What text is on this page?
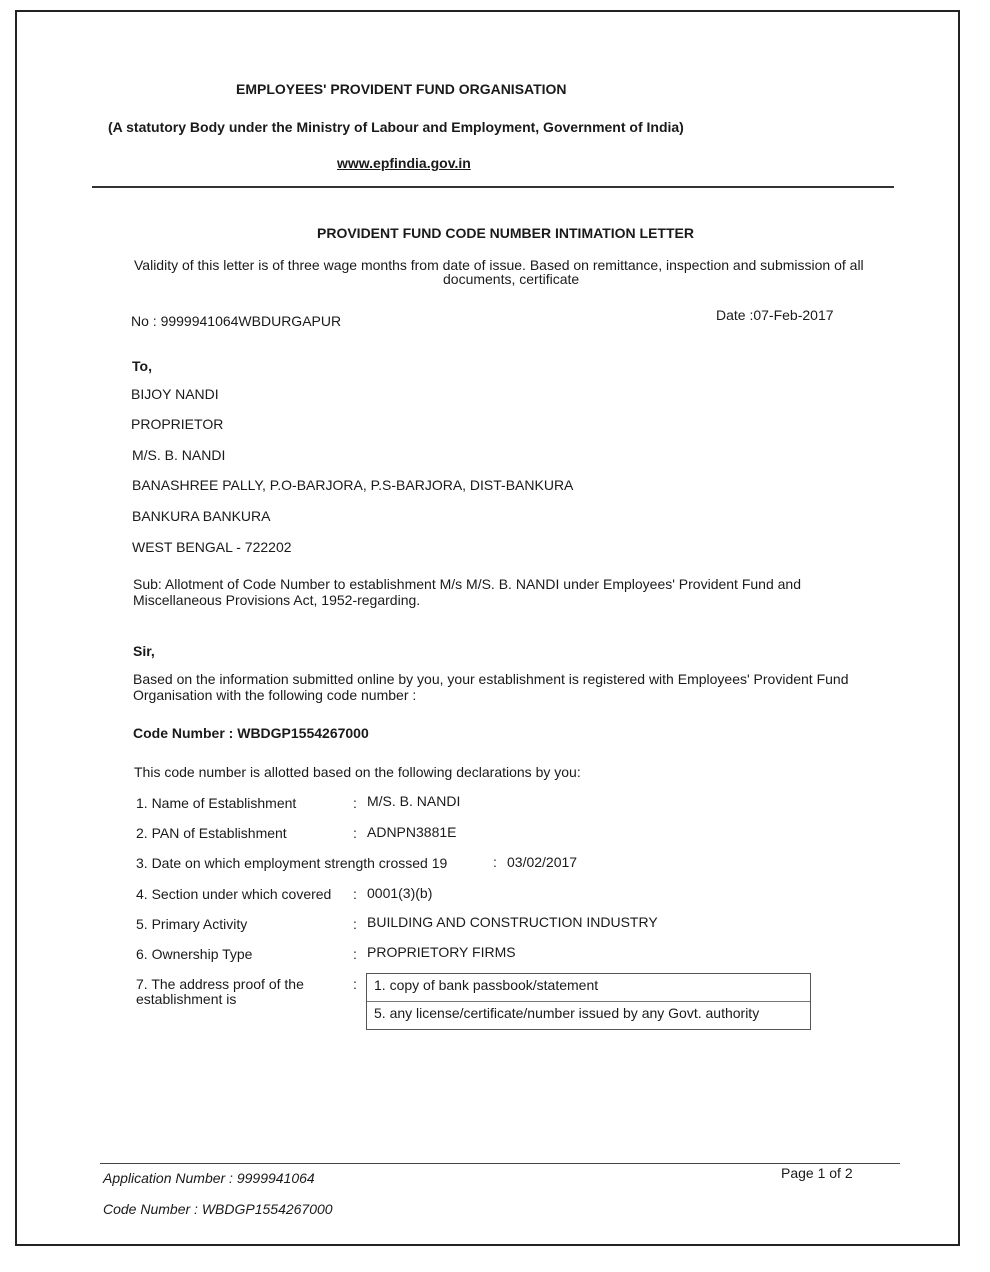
EMPLOYEES' PROVIDENT FUND ORGANISATION
(A statutory Body under the Ministry of Labour and Employment, Government of India)
www.epfindia.gov.in
PROVIDENT FUND CODE NUMBER INTIMATION LETTER
Validity of this letter is of three wage months from date of issue. Based on remittance, inspection and submission of all
documents, certificate
No : 9999941064WBDURGAPUR	Date :07-Feb-2017
To,
BIJOY NANDI
PROPRIETOR
M/S. B. NANDI
BANASHREE PALLY, P.O-BARJORA, P.S-BARJORA, DIST-BANKURA
BANKURA BANKURA
WEST BENGAL - 722202
Sub: Allotment of Code Number to establishment M/s M/S. B. NANDI under Employees' Provident Fund and
Miscellaneous Provisions Act, 1952-regarding.
Sir,
Based on the information submitted online by you, your establishment is registered with Employees' Provident Fund
Organisation with the following code number :
Code Number : WBDGP1554267000
This code number is allotted based on the following declarations by you:
1. Name of Establishment	: M/S. B. NANDI
2. PAN of Establishment	: ADNPN3881E
3. Date on which employment strength crossed 19	: 03/02/2017
4. Section under which covered : 0001(3)(b)
5. Primary Activity	: BUILDING AND CONSTRUCTION INDUSTRY
6. Ownership Type	: PROPRIETORY FIRMS
7. The address proof of the
establishment is
:	1. copy of bank passbook/statement
5. any license/certificate/number issued by any Govt. authority
Application Number : 9999941064	Page 1 of 2
Code Number : WBDGP1554267000
